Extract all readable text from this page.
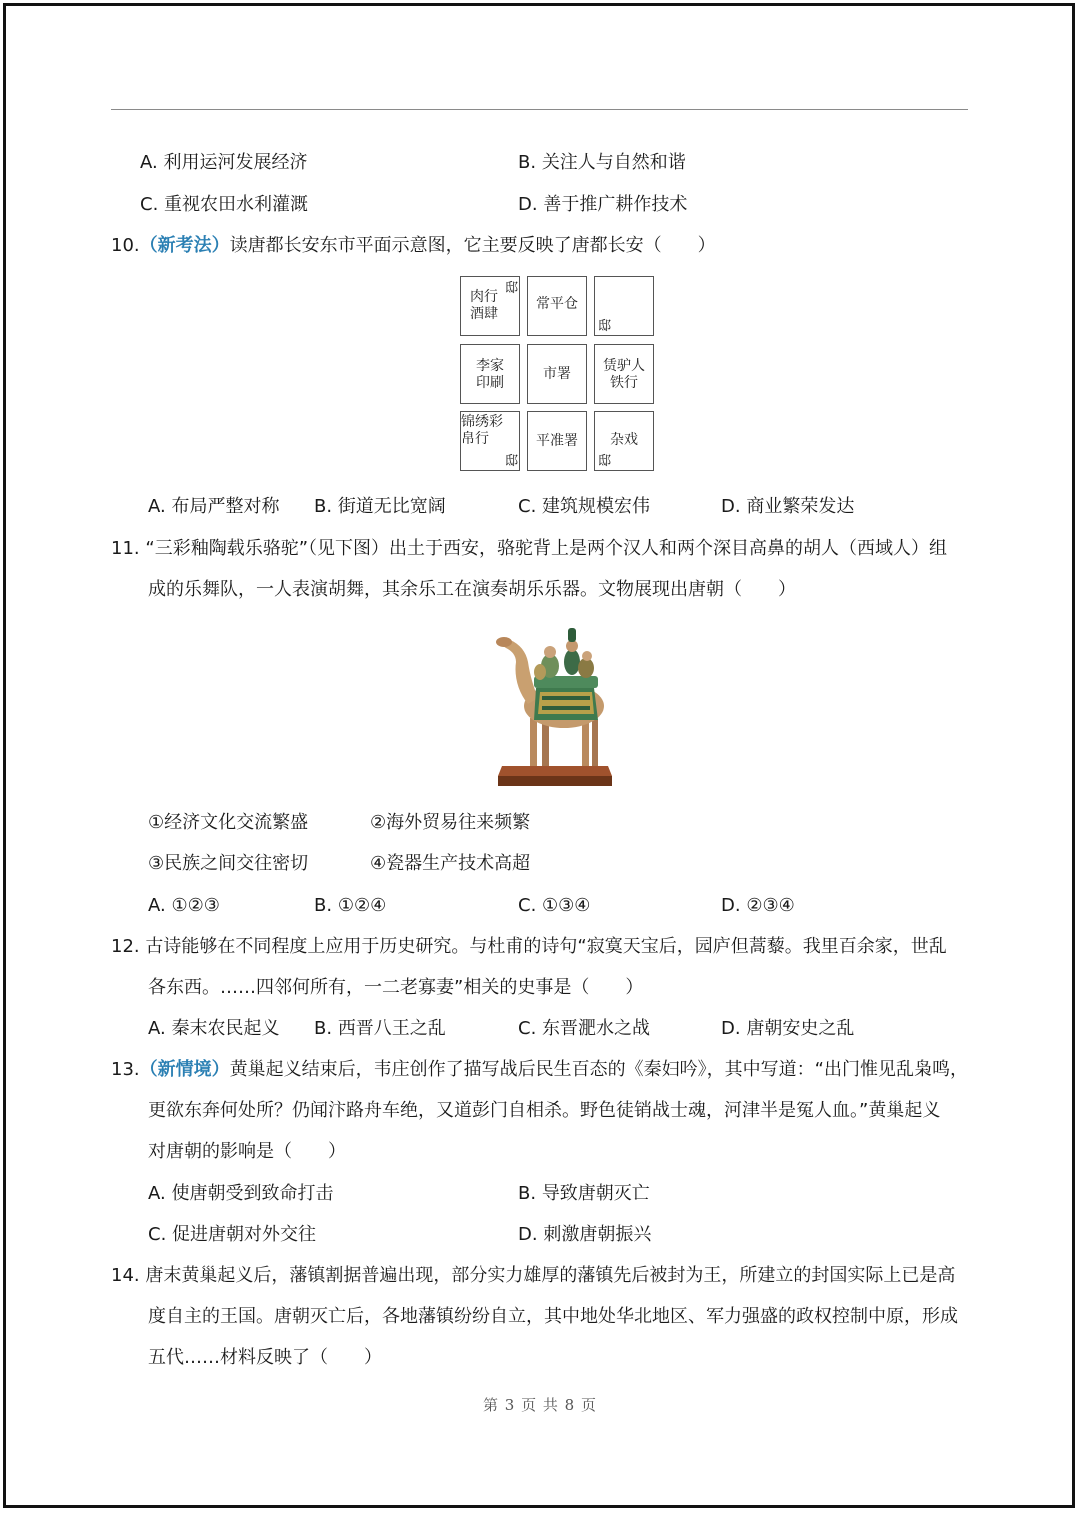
A. 利用运河发展经济	B. 关注人与自然和谐
C. 重视农田水利灌溉	D. 善于推广耕作技术
10.（新考法）读唐都长安东市平面示意图，它主要反映了唐都长安（　　）
肉行
酒肆
邸
常平仓
邸
李家
印刷
市署	赁驴人
铁行
锦绣彩
帛行
邸
平准署	杂戏
邸
A. 布局严整对称 B. 街道无比宽阔	C. 建筑规模宏伟	D. 商业繁荣发达
11. “三彩釉陶载乐骆驼”（见下图）出土于西安，骆驼背上是两个汉人和两个深目高鼻的胡人（西域人）组
成的乐舞队，一人表演胡舞，其余乐工在演奏胡乐乐器。文物展现出唐朝（　　）
①经济文化交流繁盛	②海外贸易往来频繁
③民族之间交往密切	④瓷器生产技术高超
A. ①②③	B. ①②④	C. ①③④	D. ②③④
12. 古诗能够在不同程度上应用于历史研究。与杜甫的诗句“寂寞天宝后，园庐但蒿藜。我里百余家，世乱
各东西。……四邻何所有，一二老寡妻”相关的史事是（　　）
A. 秦末农民起义 B. 西晋八王之乱	C. 东晋淝水之战	D. 唐朝安史之乱
13.（新情境）黄巢起义结束后，韦庄创作了描写战后民生百态的《秦妇吟》，其中写道：“出门惟见乱枭鸣，
更欲东奔何处所？仍闻汴路舟车绝，又道彭门自相杀。野色徒销战士魂，河津半是冤人血。”黄巢起义
对唐朝的影响是（　　）
A. 使唐朝受到致命打击	B. 导致唐朝灭亡
C. 促进唐朝对外交往	D. 刺激唐朝振兴
14. 唐末黄巢起义后，藩镇割据普遍出现，部分实力雄厚的藩镇先后被封为王，所建立的封国实际上已是高
度自主的王国。唐朝灭亡后，各地藩镇纷纷自立，其中地处华北地区、军力强盛的政权控制中原，形成
五代……材料反映了（　　）
第 3 页 共 8 页
